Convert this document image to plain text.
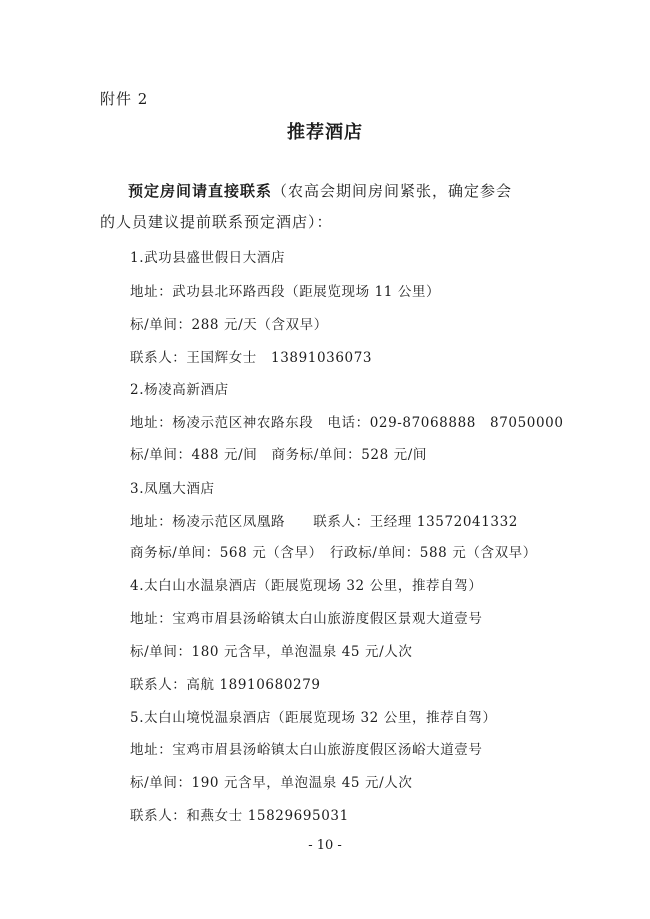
附件 2
推荐酒店
预定房间请直接联系（农高会期间房间紧张，确定参会
的人员建议提前联系预定酒店）：
1.武功县盛世假日大酒店
地址：武功县北环路西段（距展览现场 11 公里）
标/单间：288 元/天（含双早）
联系人：王国辉女士　13891036073
2.杨凌高新酒店
地址：杨凌示范区神农路东段　电话：029-87068888　87050000
标/单间：488 元/间　商务标/单间：528 元/间
3.凤凰大酒店
地址：杨凌示范区凤凰路　　联系人：王经理 13572041332
商务标/单间：568 元（含早）　行政标/单间：588 元（含双早）
4.太白山水温泉酒店（距展览现场 32 公里，推荐自驾）
地址：宝鸡市眉县汤峪镇太白山旅游度假区景观大道壹号
标/单间：180 元含早，单泡温泉 45 元/人次
联系人：高航 18910680279
5.太白山境悦温泉酒店（距展览现场 32 公里，推荐自驾）
地址：宝鸡市眉县汤峪镇太白山旅游度假区汤峪大道壹号
标/单间：190 元含早，单泡温泉 45 元/人次
联系人：和燕女士 15829695031
- 10 -
